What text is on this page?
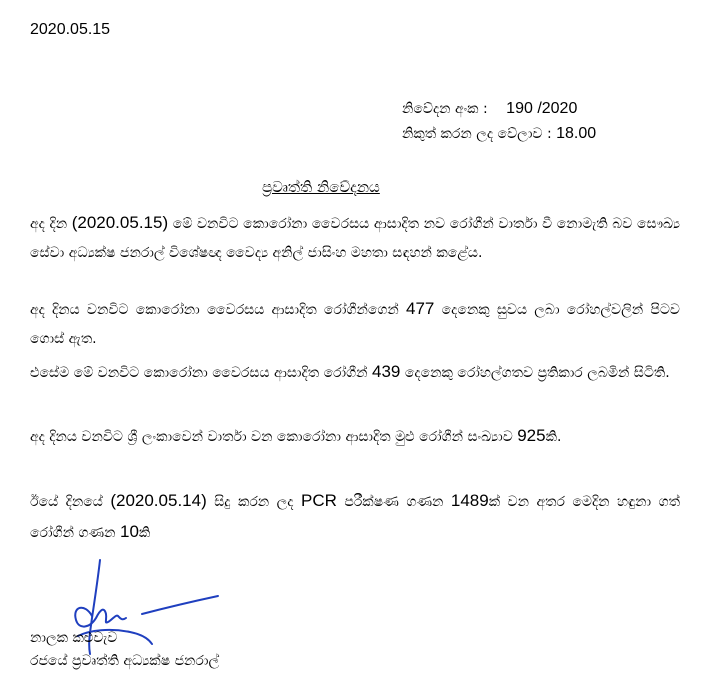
2020.05.15
නිවේදන අංක : 190 /2020
නිකුත් කරන ලද වේලාව : 18.00
ප්‍රවෘත්ති නිවේදනය
අද දින (2020.05.15) මේ වනවිට කොරෝනා වෛරසය ආසාදිත නව රෝගීන් වාර්තා වී නොමැති බව සෞඛ්‍ය සේවා අධ්‍යක්ෂ ජනරාල් විශේෂඥ වෛද්‍ය අනිල් ජාසිංහ මහතා සඳහන් කළේය.
අද දිනය වනවිට කොරෝනා වෛරසය ආසාදිත රෝගීන්ගෙන් 477 දෙනෙකු සුවය ලබා රෝහල්වලින් පිටව ගොස් ඇත.
එසේම මේ වනවිට කොරෝනා වෛරසය ආසාදිත රෝගීන් 439 දෙනෙකු රෝහල්ගතව ප්‍රතිකාර ලබමින් සිටිති.
අද දිනය වනවිට ශ්‍රී ලංකාවෙන් වාර්තා වන කොරෝනා ආසාදිත මුළු රෝගීන් සංඛ්‍යාව 925කි.
ඊයේ දිනයේ (2020.05.14) සිදු කරන ලද PCR පරීක්ෂණ ගණන 1489ක් වන අතර මෙදින හඳුනා ගත් රෝගීන් ගණන 10කි
නාලක කළුවැව
රජයේ ප්‍රවෘත්ති අධ්‍යක්ෂ ජනරාල්
